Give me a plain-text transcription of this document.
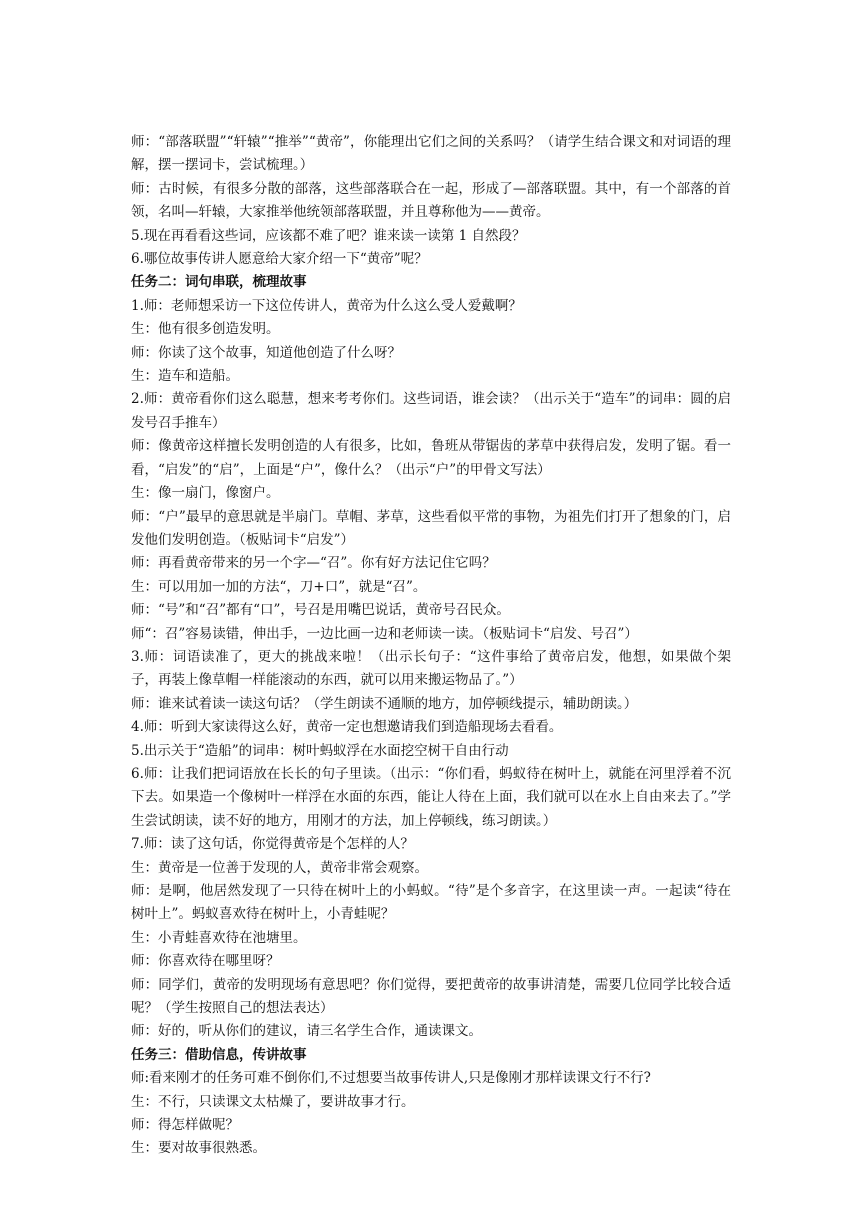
师：“部落联盟”“轩辕”“推举”“黄帝”，你能理出它们之间的关系吗？（请学生结合课文和对词语的理解，摆一摆词卡，尝试梳理。）

师：古时候，有很多分散的部落，这些部落联合在一起，形成了—部落联盟。其中，有一个部落的首领，名叫—轩辕，大家推举他统领部落联盟，并且尊称他为——黄帝。

5.现在再看看这些词，应该都不难了吧？谁来读一读第 1 自然段？

6.哪位故事传讲人愿意给大家介绍一下“黄帝”呢？

任务二：词句串联，梳理故事

1.师：老师想采访一下这位传讲人，黄帝为什么这么受人爱戴啊？

生：他有很多创造发明。

师：你读了这个故事，知道他创造了什么呀？

生：造车和造船。

2.师：黄帝看你们这么聪慧，想来考考你们。这些词语，谁会读？（出示关于“造车”的词串：圆的启发号召手推车）

师：像黄帝这样擅长发明创造的人有很多，比如，鲁班从带锯齿的茅草中获得启发，发明了锯。看一看，“启发”的“启”，上面是“户”，像什么？（出示“户”的甲骨文写法）

生：像一扇门，像窗户。

师：“户”最早的意思就是半扇门。草帽、茅草，这些看似平常的事物，为祖先们打开了想象的门，启发他们发明创造。（板贴词卡“启发”）

师：再看黄帝带来的另一个字—“召”。你有好方法记住它吗？

生：可以用加一加的方法“，刀+口”，就是“召”。

师：“号”和“召”都有“口”，号召是用嘴巴说话，黄帝号召民众。

师“：召”容易读错，伸出手，一边比画一边和老师读一读。（板贴词卡“启发、号召”）

3.师：词语读准了，更大的挑战来啦！（出示长句子：“这件事给了黄帝启发，他想，如果做个架子，再装上像草帽一样能滚动的东西，就可以用来搬运物品了。”）

师：谁来试着读一读这句话？（学生朗读不通顺的地方，加停顿线提示，辅助朗读。）

4.师：听到大家读得这么好，黄帝一定也想邀请我们到造船现场去看看。

5.出示关于“造船”的词串：树叶蚂蚁浮在水面挖空树干自由行动

6.师：让我们把词语放在长长的句子里读。（出示：“你们看，蚂蚁待在树叶上，就能在河里浮着不沉下去。如果造一个像树叶一样浮在水面的东西，能让人待在上面，我们就可以在水上自由来去了。”学生尝试朗读，读不好的地方，用刚才的方法，加上停顿线，练习朗读。）

7.师：读了这句话，你觉得黄帝是个怎样的人？

生：黄帝是一位善于发现的人，黄帝非常会观察。

师：是啊，他居然发现了一只待在树叶上的小蚂蚁。“待”是个多音字，在这里读一声。一起读“待在树叶上”。蚂蚁喜欢待在树叶上，小青蛙呢？

生：小青蛙喜欢待在池塘里。

师：你喜欢待在哪里呀？

师：同学们，黄帝的发明现场有意思吧？你们觉得，要把黄帝的故事讲清楚，需要几位同学比较合适呢？（学生按照自己的想法表达）

师：好的，听从你们的建议，请三名学生合作，通读课文。

任务三：借助信息，传讲故事

师:看来刚才的任务可难不倒你们,不过想要当故事传讲人,只是像刚才那样读课文行不行?

生：不行，只读课文太枯燥了，要讲故事才行。

师：得怎样做呢？

生：要对故事很熟悉。
